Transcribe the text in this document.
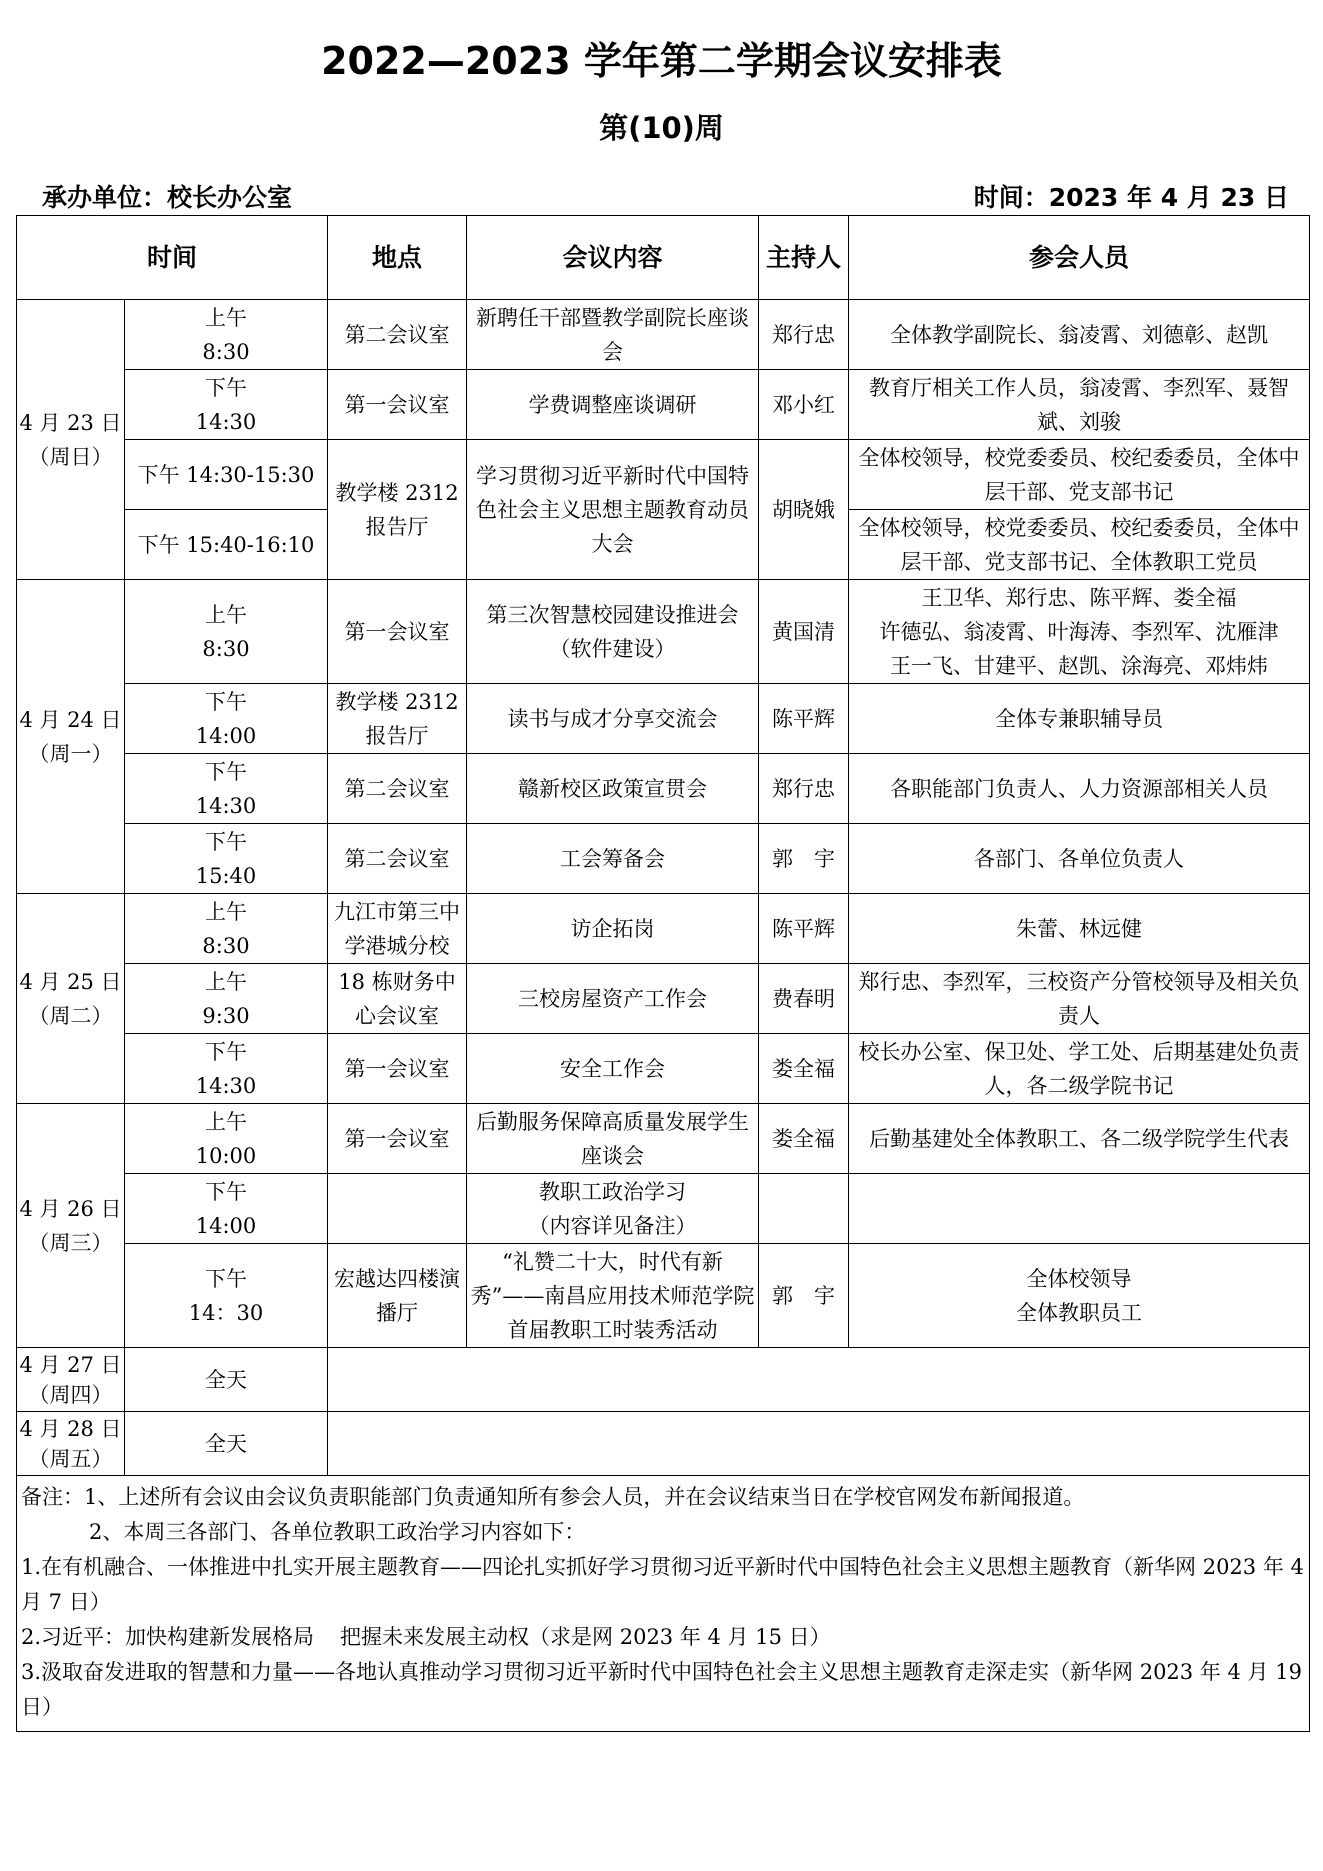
2022—2023 学年第二学期会议安排表
第(10)周
承办单位：校长办公室	时间：2023 年 4 月 23 日
时间		地点	会议内容	主持人	参会人员

4 月 23 日
（周日）	上午
8:30	第二会议室	新聘任干部暨教学副院长座谈会	郑行忠	全体教学副院长、翁凌霄、刘德彰、赵凯

	下午
14:30	第一会议室	学费调整座谈调研	邓小红	教育厅相关工作人员，翁凌霄、李烈军、聂智斌、刘骏
	下午 14:30-15:30	教学楼 2312 报告厅	学习贯彻习近平新时代中国特色社会主义思想主题教育动员大会	胡晓娥	全体校领导，校党委委员、校纪委委员，全体中层干部、党支部书记
	下午 15:40-16:10				全体校领导，校党委委员、校纪委委员，全体中层干部、党支部书记、全体教职工党员

4 月 24 日
（周一）	上午
8:30	第一会议室	第三次智慧校园建设推进会（软件建设）	黄国清	王卫华、郑行忠、陈平辉、娄全福
许德弘、翁凌霄、叶海涛、李烈军、沈雁津
王一飞、甘建平、赵凯、涂海亮、邓炜炜

	下午
14:00	教学楼 2312 报告厅	读书与成才分享交流会	陈平辉	全体专兼职辅导员

	下午
14:30	第二会议室	赣新校区政策宣贯会	郑行忠	各职能部门负责人、人力资源部相关人员

	下午
15:40	第二会议室	工会筹备会	郭　宇	各部门、各单位负责人

4 月 25 日
（周二）	上午
8:30	九江市第三中学港城分校	访企拓岗	陈平辉	朱蕾、林远健

	上午
9:30	18 栋财务中心会议室	三校房屋资产工作会	费春明	郑行忠、李烈军，三校资产分管校领导及相关负责人

	下午
14:30	第一会议室	安全工作会	娄全福	校长办公室、保卫处、学工处、后期基建处负责人，各二级学院书记

4 月 26 日
（周三）	上午
10:00	第一会议室	后勤服务保障高质量发展学生座谈会	娄全福	后勤基建处全体教职工、各二级学院学生代表

	下午
14:00		教职工政治学习
（内容详见备注）		

	下午
14：30	宏越达四楼演播厅	“礼赞二十大，时代有新秀”——南昌应用技术师范学院首届教职工时装秀活动	郭　宇	全体校领导
全体教职员工

4 月 27 日
（周四）	全天				

4 月 28 日
（周五）	全天				

备注：1、上述所有会议由会议负责职能部门负责通知所有参会人员，并在会议结束当日在学校官网发布新闻报道。
2、本周三各部门、各单位教职工政治学习内容如下：
1.在有机融合、一体推进中扎实开展主题教育——四论扎实抓好学习贯彻习近平新时代中国特色社会主义思想主题教育（新华网 2023 年 4 月 7 日）
2.习近平：加快构建新发展格局 把握未来发展主动权（求是网 2023 年 4 月 15 日）
3.汲取奋发进取的智慧和力量——各地认真推动学习贯彻习近平新时代中国特色社会主义思想主题教育走深走实（新华网 2023 年 4 月 19 日）					
